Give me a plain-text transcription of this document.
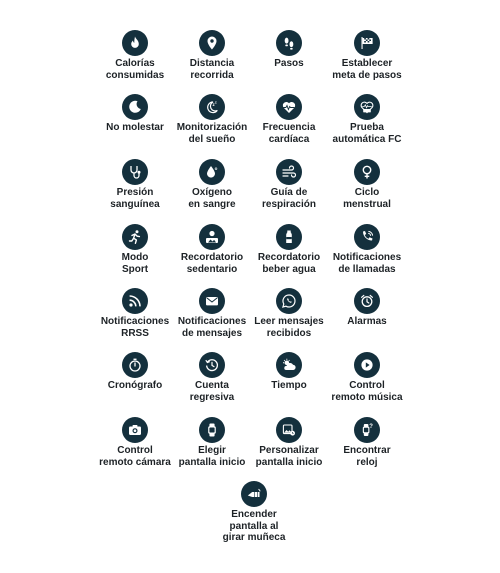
Calorías
consumidas
Distancia
recorrida
Pasos	Establecer
meta de pasos
No molestar
z z
Monitorización
del sueño
Frecuencia
cardíaca
Prueba
automática FC
Presión
sanguínea
o
Oxígeno
en sangre
Guía de
respiración
Ciclo
menstrual
Modo
Sport
Recordatorio
sedentario
Recordatorio
beber agua
Notificaciones
de llamadas
Notificaciones
RRSS
Notificaciones
de mensajes
Leer mensajes
recibidos
Alarmas
Cronógrafo	Cuenta
regresiva
Tiempo	Control
remoto música
Control
remoto cámara
Elegir
pantalla inicio
Personalizar
pantalla inicio
?
Encontrar
reloj
Encender
pantalla al
girar muñeca
